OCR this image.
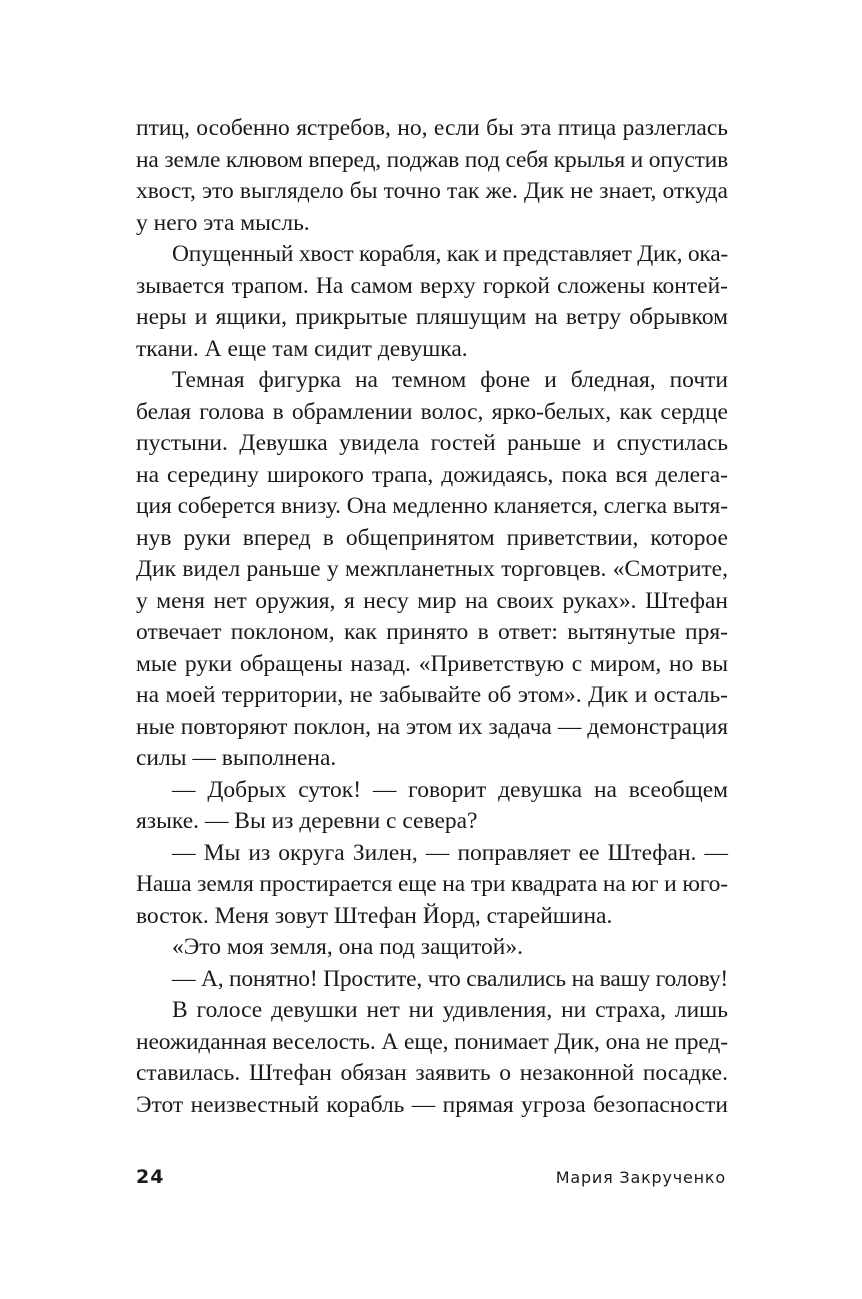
птиц, особенно ястребов, но, если бы эта птица разлеглась
на земле клювом вперед, поджав под себя крылья и опустив
хвост, это выглядело бы точно так же. Дик не знает, откуда
у него эта мысль.
Опущенный хвост корабля, как и представляет Дик, ока-
зывается трапом. На самом верху горкой сложены контей-
неры и ящики, прикрытые пляшущим на ветру обрывком
ткани. А еще там сидит девушка.
Темная фигурка на темном фоне и бледная, почти
белая голова в обрамлении волос, ярко-белых, как сердце
пустыни. Девушка увидела гостей раньше и спустилась
на середину широкого трапа, дожидаясь, пока вся делега-
ция соберется внизу. Она медленно кланяется, слегка вытя-
нув руки вперед в общепринятом приветствии, которое
Дик видел раньше у межпланетных торговцев. «Смотрите,
у меня нет оружия, я несу мир на своих руках». Штефан
отвечает поклоном, как принято в ответ: вытянутые пря-
мые руки обращены назад. «Приветствую с миром, но вы
на моей территории, не забывайте об этом». Дик и осталь-
ные повторяют поклон, на этом их задача — демонстрация
силы — выполнена.
— Добрых суток! — говорит девушка на всеобщем
языке. — Вы из деревни с севера?
— Мы из округа Зилен, — поправляет ее Штефан. —
Наша земля простирается еще на три квадрата на юг и юго-
восток. Меня зовут Штефан Йорд, старейшина.
«Это моя земля, она под защитой».
— А, понятно! Простите, что свалились на вашу голову!
В голосе девушки нет ни удивления, ни страха, лишь
неожиданная веселость. А еще, понимает Дик, она не пред-
ставилась. Штефан обязан заявить о незаконной посадке.
Этот неизвестный корабль — прямая угроза безопасности
24	Мария Закрученко
